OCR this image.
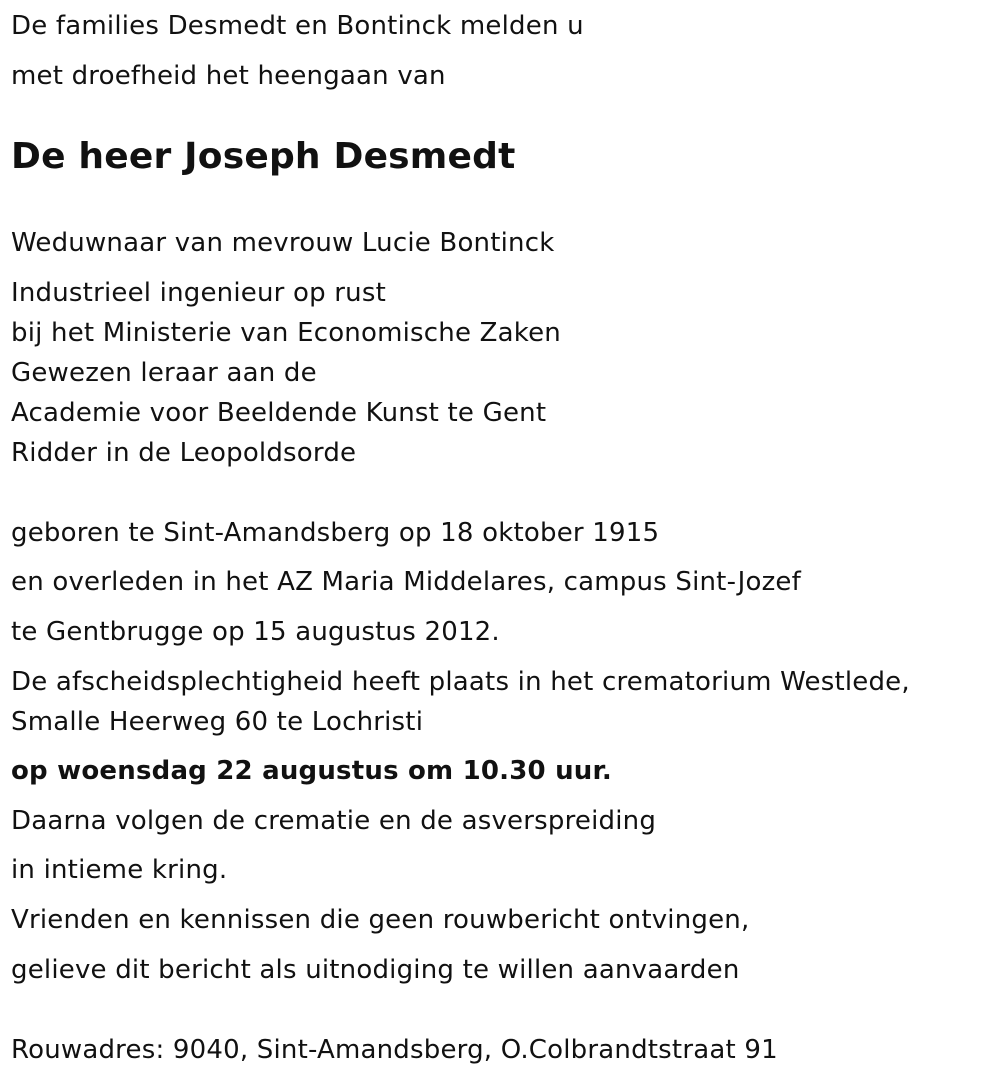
De families Desmedt en Bontinck melden u
met droefheid het heengaan van
De heer Joseph Desmedt
Weduwnaar van mevrouw Lucie Bontinck
Industrieel ingenieur op rust
bij het Ministerie van Economische Zaken
Gewezen leraar aan de
Academie voor Beeldende Kunst te Gent
Ridder in de Leopoldsorde
geboren te Sint-Amandsberg op 18 oktober 1915
en overleden in het AZ Maria Middelares, campus Sint-Jozef
te Gentbrugge op 15 augustus 2012.
De afscheidsplechtigheid heeft plaats in het crematorium Westlede,
Smalle Heerweg 60 te Lochristi
op woensdag 22 augustus om 10.30 uur.
Daarna volgen de crematie en de asverspreiding
in intieme kring.
Vrienden en kennissen die geen rouwbericht ontvingen,
gelieve dit bericht als uitnodiging te willen aanvaarden
Rouwadres: 9040, Sint-Amandsberg, O.Colbrandtstraat 91
